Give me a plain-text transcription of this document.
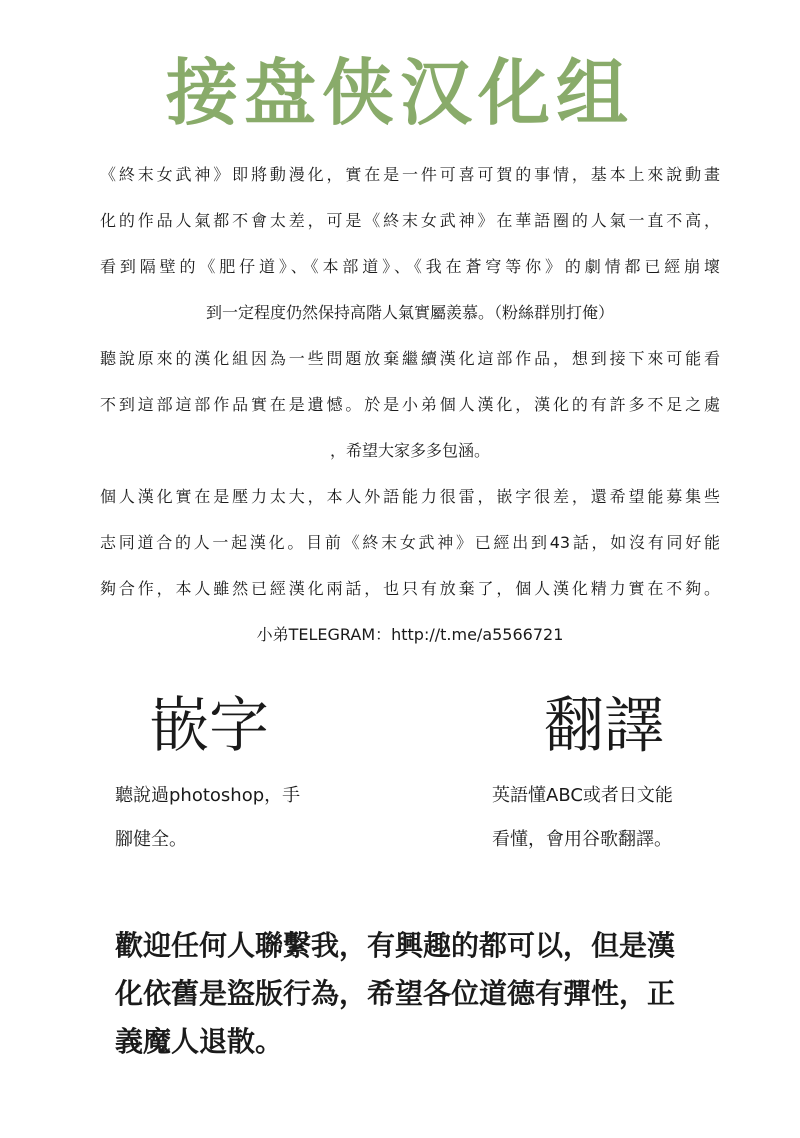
接盘侠汉化组

《終末女武神》即將動漫化，實在是一件可喜可賀的事情，基本上來說動畫

化的作品人氣都不會太差，可是《終末女武神》在華語圈的人氣一直不高，

看到隔壁的《肥仔道》、《本部道》、《我在蒼穹等你》的劇情都已經崩壞

到一定程度仍然保持高階人氣實屬羨慕。（粉絲群別打俺）

聽說原來的漢化組因為一些問題放棄繼續漢化這部作品，想到接下來可能看

不到這部這部作品實在是遺憾。於是小弟個人漢化，漢化的有許多不足之處

，希望大家多多包涵。

個人漢化實在是壓力太大，本人外語能力很雷，嵌字很差，還希望能募集些

志同道合的人一起漢化。目前《終末女武神》已經出到43話，如沒有同好能

夠合作，本人雖然已經漢化兩話，也只有放棄了，個人漢化精力實在不夠。

小弟TELEGRAM：http://t.me/a5566721

嵌字

聽說過photoshop，手

腳健全。

翻譯

英語懂ABC或者日文能

看懂，會用谷歌翻譯。

歡迎任何人聯繫我，有興趣的都可以，但是漢

化依舊是盜版行為，希望各位道德有彈性，正

義魔人退散。
